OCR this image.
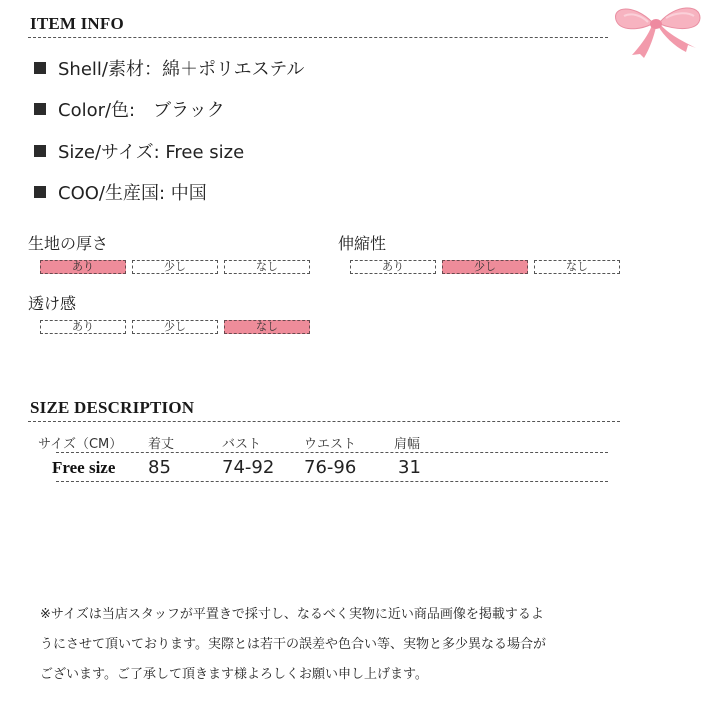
ITEM INFO
Shell/素材：綿＋ポリエステル
Color/色:　ブラック
Size/サイズ: Free size
COO/生産国: 中国
生地の厚さ
あり	少し	なし
伸縮性
あり	少し	なし
透け感
あり	少し	なし
SIZE DESCRIPTION
サイズ（CM） 着丈	バスト	ウエスト	肩幅
Free size 85	74-92 76-96 31
※サイズは当店スタッフが平置きで採寸し、なるべく実物に近い商品画像を掲載するよ
うにさせて頂いております。実際とは若干の誤差や色合い等、実物と多少異なる場合が
ございます。ご了承して頂きます様よろしくお願い申し上げます。
